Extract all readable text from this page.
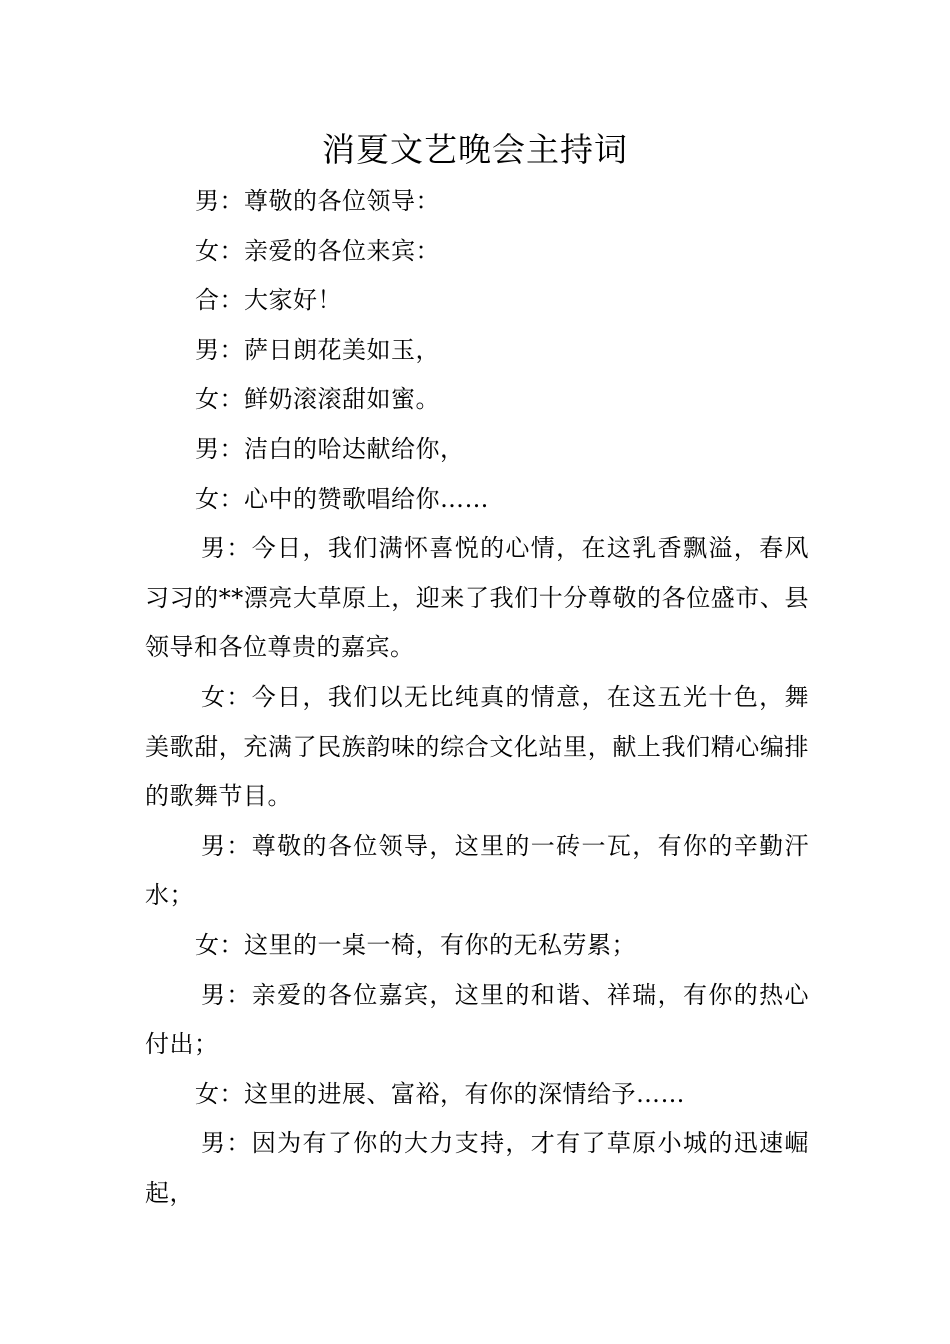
消夏文艺晚会主持词

男：尊敬的各位领导：

女：亲爱的各位来宾：

合：大家好！

男：萨日朗花美如玉，

女：鲜奶滚滚甜如蜜。

男：洁白的哈达献给你，

女：心中的赞歌唱给你……

男：今日，我们满怀喜悦的心情，在这乳香飘溢，春风习习的**漂亮大草原上，迎来了我们十分尊敬的各位盛市、县领导和各位尊贵的嘉宾。

女：今日，我们以无比纯真的情意，在这五光十色，舞美歌甜，充满了民族韵味的综合文化站里，献上我们精心编排的歌舞节目。

男：尊敬的各位领导，这里的一砖一瓦，有你的辛勤汗水；

女：这里的一桌一椅，有你的无私劳累；

男：亲爱的各位嘉宾，这里的和谐、祥瑞，有你的热心付出；

女：这里的进展、富裕，有你的深情给予……

男：因为有了你的大力支持，才有了草原小城的迅速崛起，
